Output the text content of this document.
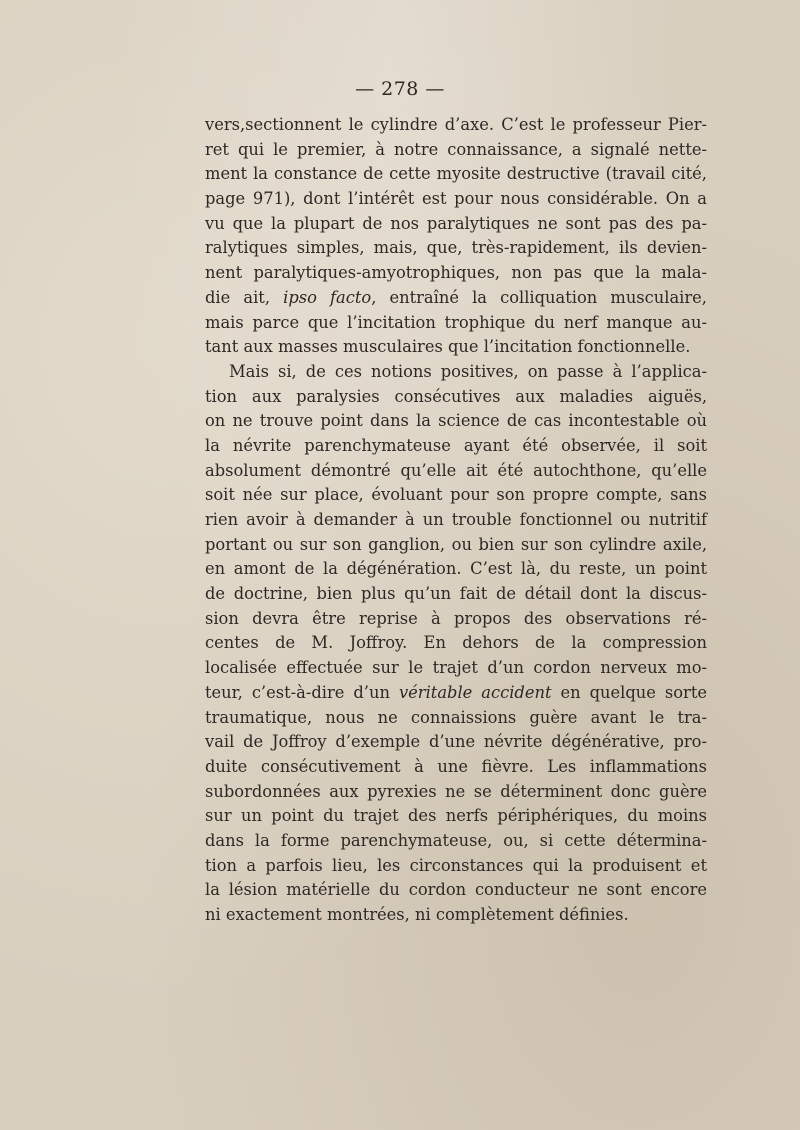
— 278 —
vers,sectionnent le cylindre d’axe. C’est le professeur Pier-
ret qui le premier, à notre connaissance, a signalé nette-
ment la constance de cette myosite destructive (travail cité,
page 971), dont l’intérêt est pour nous considérable. On a
vu que la plupart de nos paralytiques ne sont pas des pa-
ralytiques simples, mais, que, très-rapidement, ils devien-
nent paralytiques-amyotrophiques, non pas que la mala-
die ait, ipso facto, entraîné la colliquation musculaire,
mais parce que l’incitation trophique du nerf manque au-
tant aux masses musculaires que l’incitation fonctionnelle.
Mais si, de ces notions positives, on passe à l’applica-
tion aux paralysies consécutives aux maladies aiguës,
on ne trouve point dans la science de cas incontestable où
la névrite parenchymateuse ayant été observée, il soit
absolument démontré qu’elle ait été autochthone, qu’elle
soit née sur place, évoluant pour son propre compte, sans
rien avoir à demander à un trouble fonctionnel ou nutritif
portant ou sur son ganglion, ou bien sur son cylindre axile,
en amont de la dégénération. C’est là, du reste, un point
de doctrine, bien plus qu’un fait de détail dont la discus-
sion devra être reprise à propos des observations ré-
centes de M. Joffroy. En dehors de la compression
localisée effectuée sur le trajet d’un cordon nerveux mo-
teur, c’est-à-dire d’un véritable accident en quelque sorte
traumatique, nous ne connaissions guère avant le tra-
vail de Joffroy d’exemple d’une névrite dégénérative, pro-
duite consécutivement à une fièvre. Les inflammations
subordonnées aux pyrexies ne se déterminent donc guère
sur un point du trajet des nerfs périphériques, du moins
dans la forme parenchymateuse, ou, si cette détermina-
tion a parfois lieu, les circonstances qui la produisent et
la lésion matérielle du cordon conducteur ne sont encore
ni exactement montrées, ni complètement définies.
